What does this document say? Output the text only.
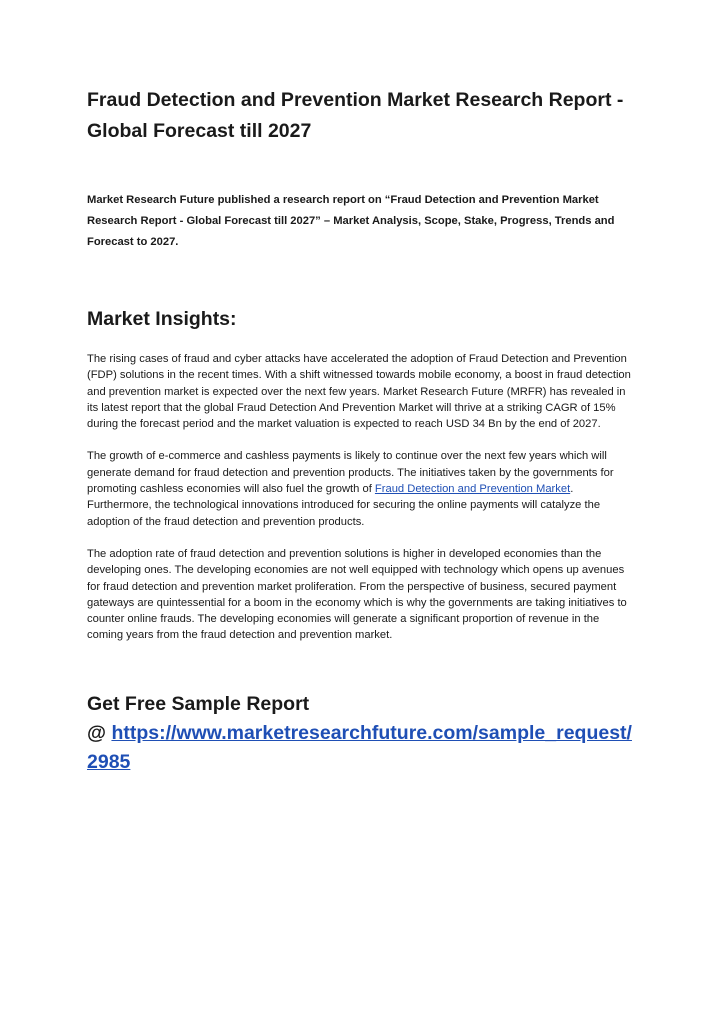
Fraud Detection and Prevention Market Research Report - Global Forecast till 2027

Market Research Future published a research report on “Fraud Detection and Prevention Market Research Report - Global Forecast till 2027” – Market Analysis, Scope, Stake, Progress, Trends and Forecast to 2027.

Market Insights:

The rising cases of fraud and cyber attacks have accelerated the adoption of Fraud Detection and Prevention (FDP) solutions in the recent times. With a shift witnessed towards mobile economy, a boost in fraud detection and prevention market is expected over the next few years. Market Research Future (MRFR) has revealed in its latest report that the global Fraud Detection And Prevention Market will thrive at a striking CAGR of 15% during the forecast period and the market valuation is expected to reach USD 34 Bn by the end of 2027.

The growth of e-commerce and cashless payments is likely to continue over the next few years which will generate demand for fraud detection and prevention products. The initiatives taken by the governments for promoting cashless economies will also fuel the growth of Fraud Detection and Prevention Market. Furthermore, the technological innovations introduced for securing the online payments will catalyze the adoption of the fraud detection and prevention products.

The adoption rate of fraud detection and prevention solutions is higher in developed economies than the developing ones. The developing economies are not well equipped with technology which opens up avenues for fraud detection and prevention market proliferation. From the perspective of business, secured payment gateways are quintessential for a boom in the economy which is why the governments are taking initiatives to counter online frauds. The developing economies will generate a significant proportion of revenue in the coming years from the fraud detection and prevention market.

Get Free Sample Report
@ https://www.marketresearchfuture.com/sample_request/2985
